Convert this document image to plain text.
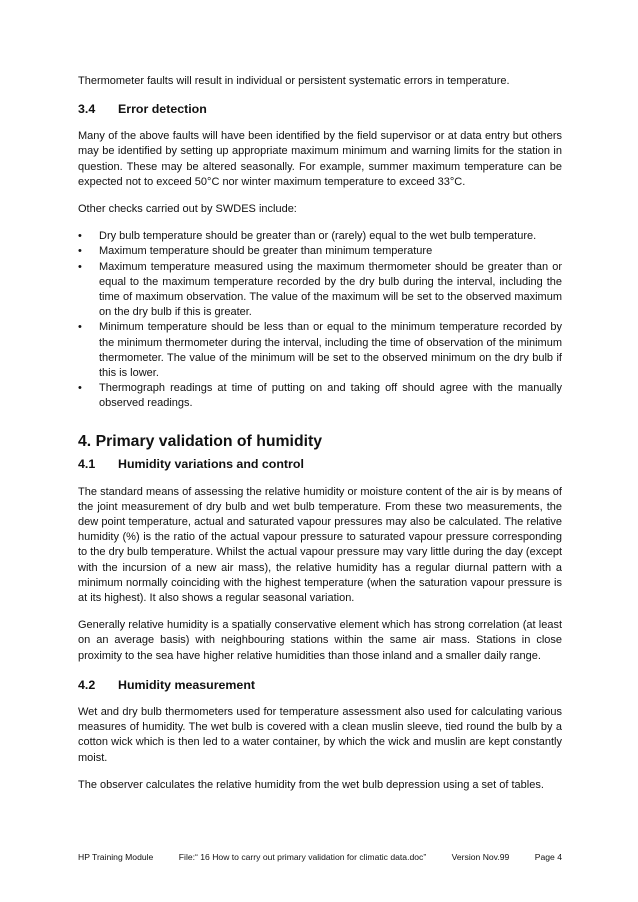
Thermometer faults will result in individual or persistent systematic errors in temperature.

3.4	Error detection

Many of the above faults will have been identified by the field supervisor or at data entry but others may be identified by setting up appropriate maximum minimum and warning limits for the station in question. These may be altered seasonally. For example, summer maximum temperature can be expected not to exceed 50°C nor winter maximum temperature to exceed 33°C.

Other checks carried out by SWDES include:

• Dry bulb temperature should be greater than or (rarely) equal to the wet bulb temperature.
• Maximum temperature should be greater than minimum temperature
• Maximum temperature measured using the maximum thermometer should be greater than or equal to the maximum temperature recorded by the dry bulb during the interval, including the time of maximum observation. The value of the maximum will be set to the observed maximum on the dry bulb if this is greater.
• Minimum temperature should be less than or equal to the minimum temperature recorded by the minimum thermometer during the interval, including the time of observation of the minimum thermometer. The value of the minimum will be set to the observed minimum on the dry bulb if this is lower.
• Thermograph readings at time of putting on and taking off should agree with the manually observed readings.
4. Primary validation of humidity
4.1	Humidity variations and control

The standard means of assessing the relative humidity or moisture content of the air is by means of the joint measurement of dry bulb and wet bulb temperature. From these two measurements, the dew point temperature, actual and saturated vapour pressures may also be calculated. The relative humidity (%) is the ratio of the actual vapour pressure to saturated vapour pressure corresponding to the dry bulb temperature. Whilst the actual vapour pressure may vary little during the day (except with the incursion of a new air mass), the relative humidity has a regular diurnal pattern with a minimum normally coinciding with the highest temperature (when the saturation vapour pressure is at its highest). It also shows a regular seasonal variation.

Generally relative humidity is a spatially conservative element which has strong correlation (at least on an average basis) with neighbouring stations within the same air mass. Stations in close proximity to the sea have higher relative humidities than those inland and a smaller daily range.

4.2	Humidity measurement

Wet and dry bulb thermometers used for temperature assessment also used for calculating various measures of humidity. The wet bulb is covered with a clean muslin sleeve, tied round the bulb by a cotton wick which is then led to a water container, by which the wick and muslin are kept constantly moist.

The observer calculates the relative humidity from the wet bulb depression using a set of tables.

HP Training Module	File:“ 16 How to carry out primary validation for climatic data.doc”	Version Nov.99	Page 4
